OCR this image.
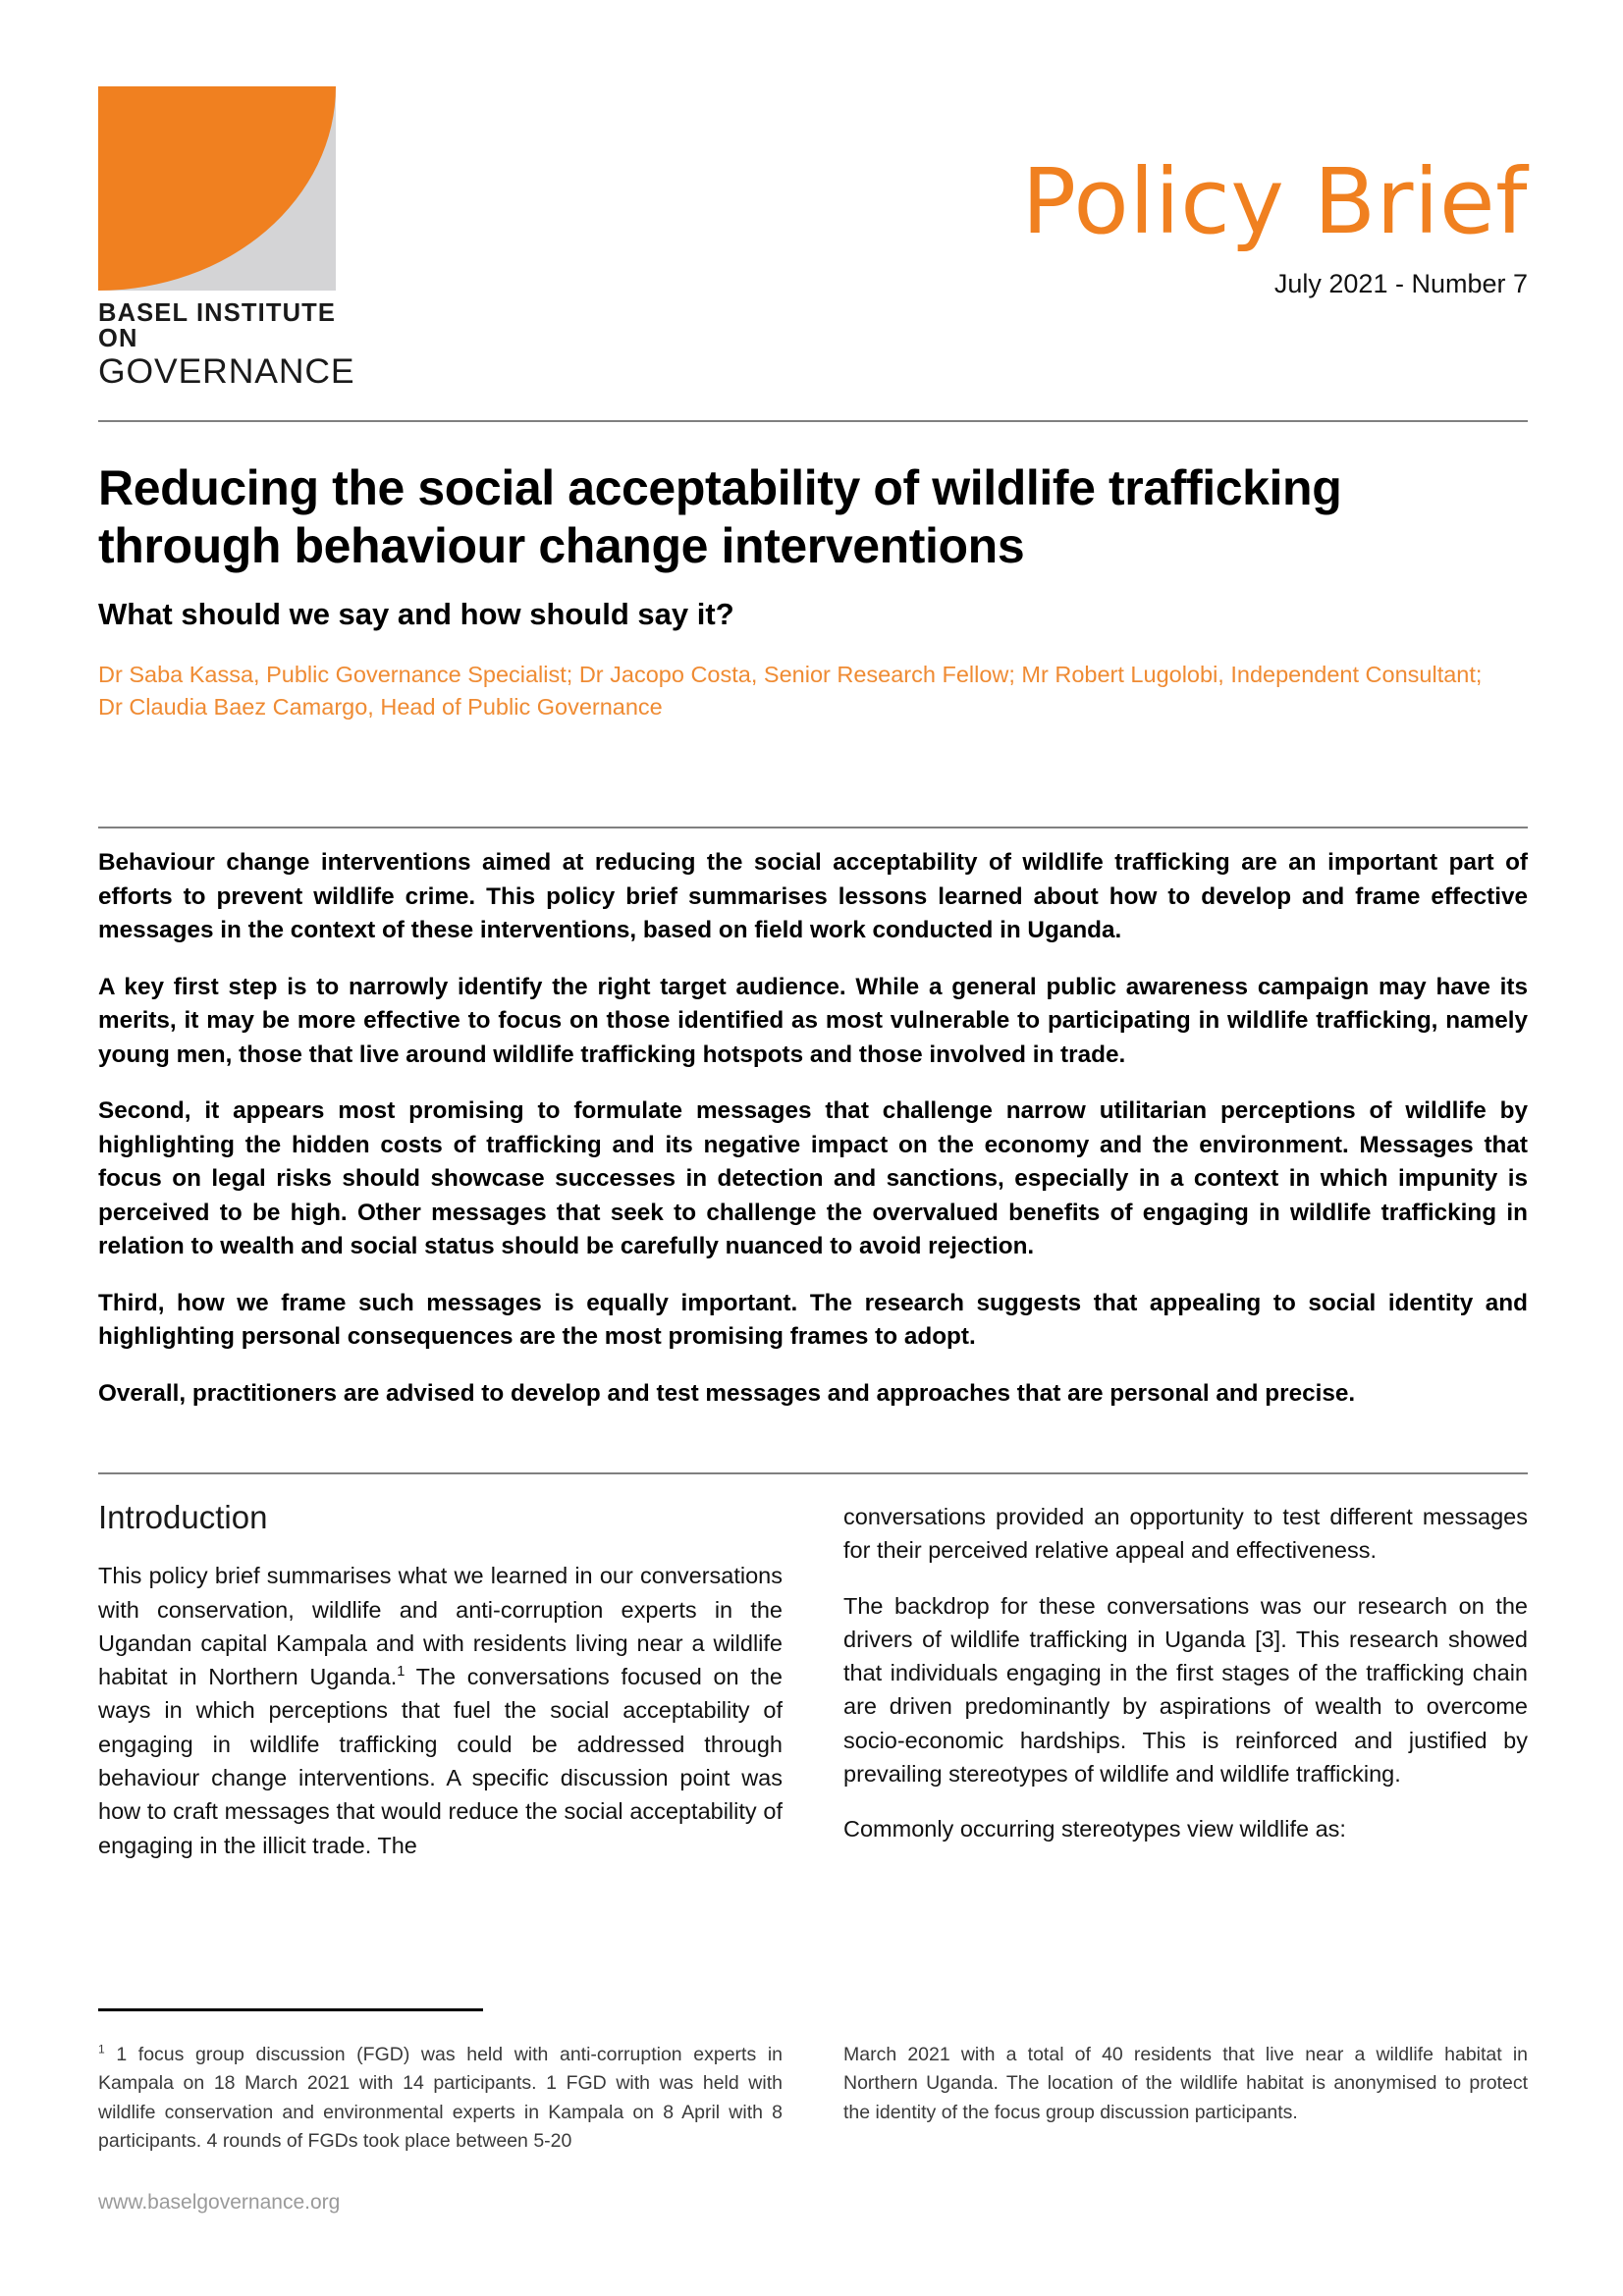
BASEL INSTITUTE ON
GOVERNANCE
Policy Brief
July 2021 - Number 7
Reducing the social acceptability of wildlife trafficking through behaviour change interventions
What should we say and how should say it?
Dr Saba Kassa, Public Governance Specialist; Dr Jacopo Costa, Senior Research Fellow; Mr Robert Lugolobi, Independent Consultant; Dr Claudia Baez Camargo, Head of Public Governance

Behaviour change interventions aimed at reducing the social acceptability of wildlife trafficking are an important part of efforts to prevent wildlife crime. This policy brief summarises lessons learned about how to develop and frame effective messages in the context of these interventions, based on field work conducted in Uganda.

A key first step is to narrowly identify the right target audience. While a general public awareness campaign may have its merits, it may be more effective to focus on those identified as most vulnerable to participating in wildlife trafficking, namely young men, those that live around wildlife trafficking hotspots and those involved in trade.

Second, it appears most promising to formulate messages that challenge narrow utilitarian perceptions of wildlife by highlighting the hidden costs of trafficking and its negative impact on the economy and the environment. Messages that focus on legal risks should showcase successes in detection and sanctions, especially in a context in which impunity is perceived to be high. Other messages that seek to challenge the overvalued benefits of engaging in wildlife trafficking in relation to wealth and social status should be carefully nuanced to avoid rejection.

Third, how we frame such messages is equally important. The research suggests that appealing to social identity and highlighting personal consequences are the most promising frames to adopt.

Overall, practitioners are advised to develop and test messages and approaches that are personal and precise.

Introduction

This policy brief summarises what we learned in our conversations with conservation, wildlife and anti-corruption experts in the Ugandan capital Kampala and with residents living near a wildlife habitat in Northern Uganda.$^1$ The conversations focused on the ways in which perceptions that fuel the social acceptability of engaging in wildlife trafficking could be addressed through behaviour change interventions. A specific discussion point was how to craft messages that would reduce the social acceptability of engaging in the illicit trade. The

conversations provided an opportunity to test different messages for their perceived relative appeal and effectiveness.

The backdrop for these conversations was our research on the drivers of wildlife trafficking in Uganda [3]. This research showed that individuals engaging in the first stages of the trafficking chain are driven predominantly by aspirations of wealth to overcome socio-economic hardships. This is reinforced and justified by prevailing stereotypes of wildlife and wildlife trafficking.

Commonly occurring stereotypes view wildlife as:

$^1$ 1 focus group discussion (FGD) was held with anti-corruption experts in Kampala on 18 March 2021 with 14 participants. 1 FGD with was held with wildlife conservation and environmental experts in Kampala on 8 April with 8 participants. 4 rounds of FGDs took place between 5-20

March 2021 with a total of 40 residents that live near a wildlife habitat in Northern Uganda. The location of the wildlife habitat is anonymised to protect the identity of the focus group discussion participants.

www.baselgovernance.org
